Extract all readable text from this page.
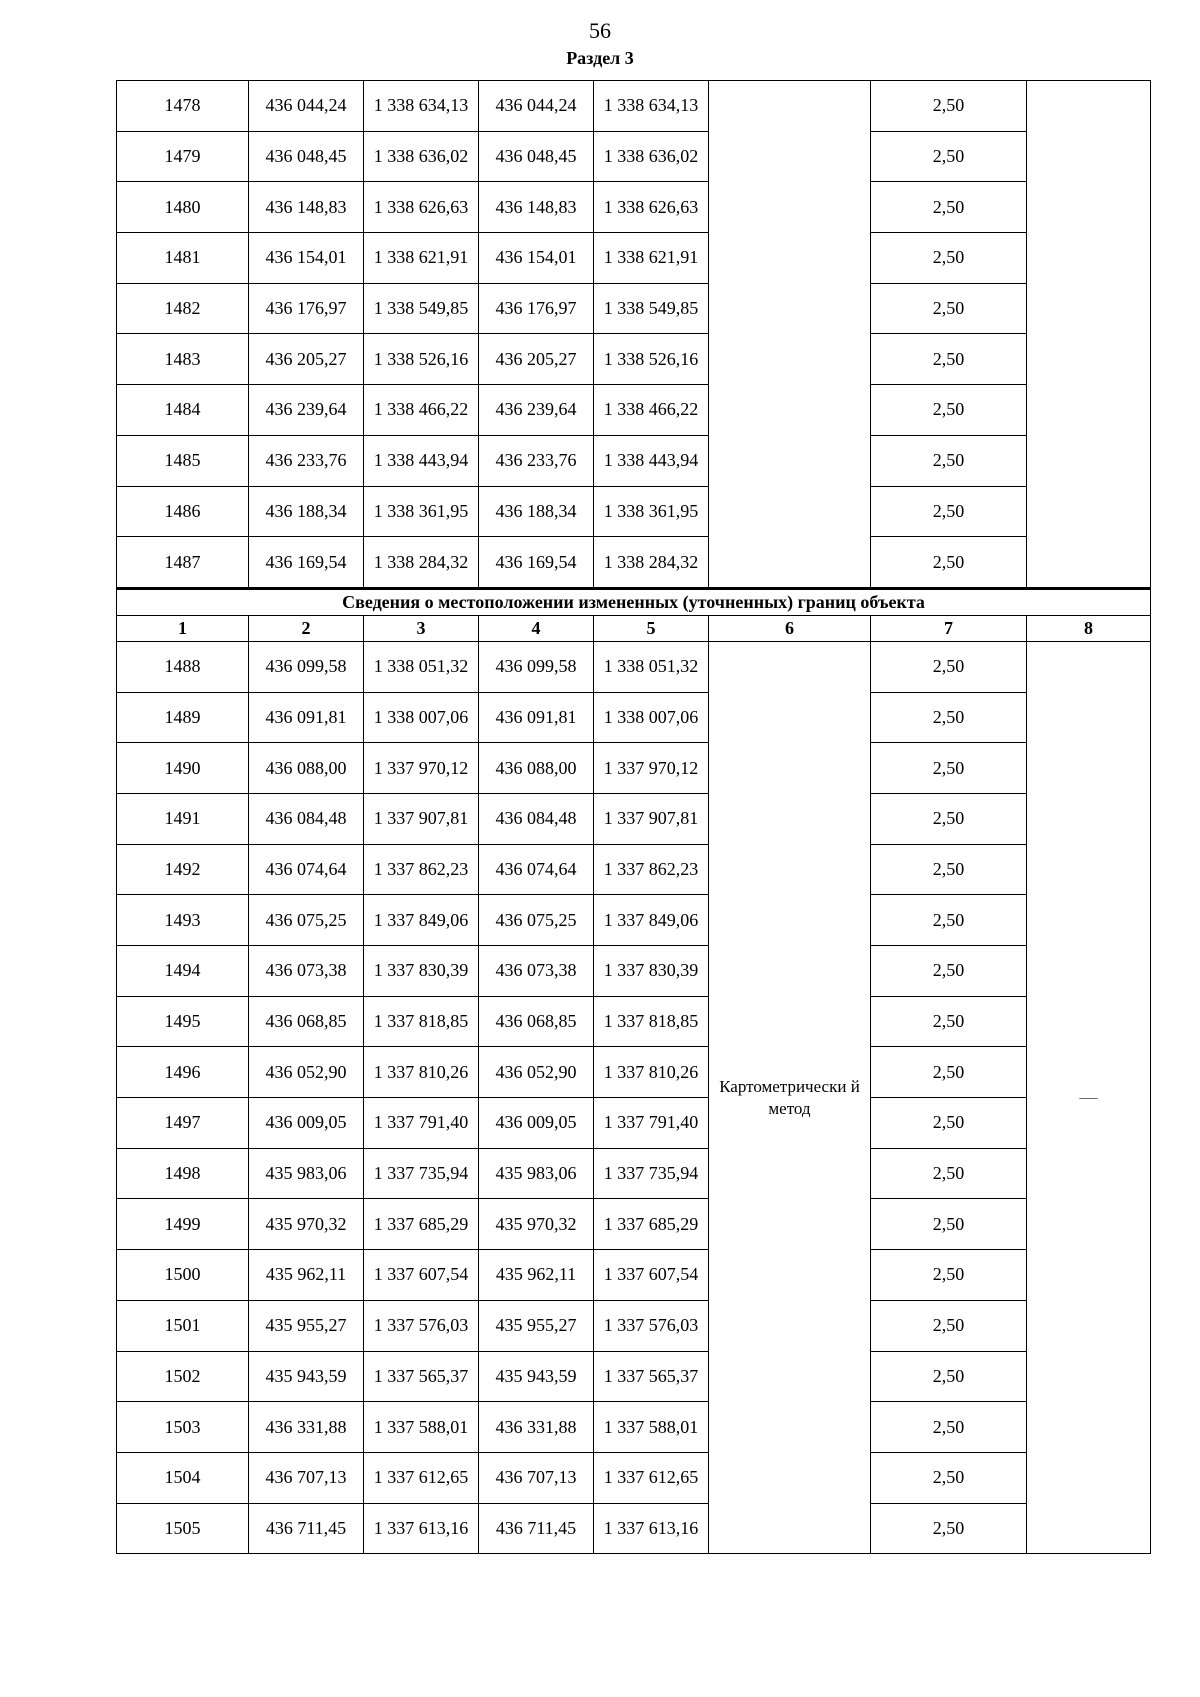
56
Раздел 3
1478	436 044,24	1 338 634,13	436 044,24	1 338 634,13		2,50	
1479	436 048,45	1 338 636,02	436 048,45	1 338 636,02		2,50	
1480	436 148,83	1 338 626,63	436 148,83	1 338 626,63		2,50	
1481	436 154,01	1 338 621,91	436 154,01	1 338 621,91		2,50	
1482	436 176,97	1 338 549,85	436 176,97	1 338 549,85		2,50	
1483	436 205,27	1 338 526,16	436 205,27	1 338 526,16		2,50	
1484	436 239,64	1 338 466,22	436 239,64	1 338 466,22		2,50	
1485	436 233,76	1 338 443,94	436 233,76	1 338 443,94		2,50	
1486	436 188,34	1 338 361,95	436 188,34	1 338 361,95		2,50	
1487	436 169,54	1 338 284,32	436 169,54	1 338 284,32		2,50	
Сведения о местоположении измененных (уточненных) границ объекта							
1	2	3	4	5	6	7	8
1488	436 099,58	1 338 051,32	436 099,58	1 338 051,32	Картометрически й метод	2,50	—
1489	436 091,81	1 338 007,06	436 091,81	1 338 007,06		2,50	
1490	436 088,00	1 337 970,12	436 088,00	1 337 970,12		2,50	
1491	436 084,48	1 337 907,81	436 084,48	1 337 907,81		2,50	
1492	436 074,64	1 337 862,23	436 074,64	1 337 862,23		2,50	
1493	436 075,25	1 337 849,06	436 075,25	1 337 849,06		2,50	
1494	436 073,38	1 337 830,39	436 073,38	1 337 830,39		2,50	
1495	436 068,85	1 337 818,85	436 068,85	1 337 818,85		2,50	
1496	436 052,90	1 337 810,26	436 052,90	1 337 810,26		2,50	
1497	436 009,05	1 337 791,40	436 009,05	1 337 791,40		2,50	
1498	435 983,06	1 337 735,94	435 983,06	1 337 735,94		2,50	
1499	435 970,32	1 337 685,29	435 970,32	1 337 685,29		2,50	
1500	435 962,11	1 337 607,54	435 962,11	1 337 607,54		2,50	
1501	435 955,27	1 337 576,03	435 955,27	1 337 576,03		2,50	
1502	435 943,59	1 337 565,37	435 943,59	1 337 565,37		2,50	
1503	436 331,88	1 337 588,01	436 331,88	1 337 588,01		2,50	
1504	436 707,13	1 337 612,65	436 707,13	1 337 612,65		2,50	
1505	436 711,45	1 337 613,16	436 711,45	1 337 613,16		2,50	
